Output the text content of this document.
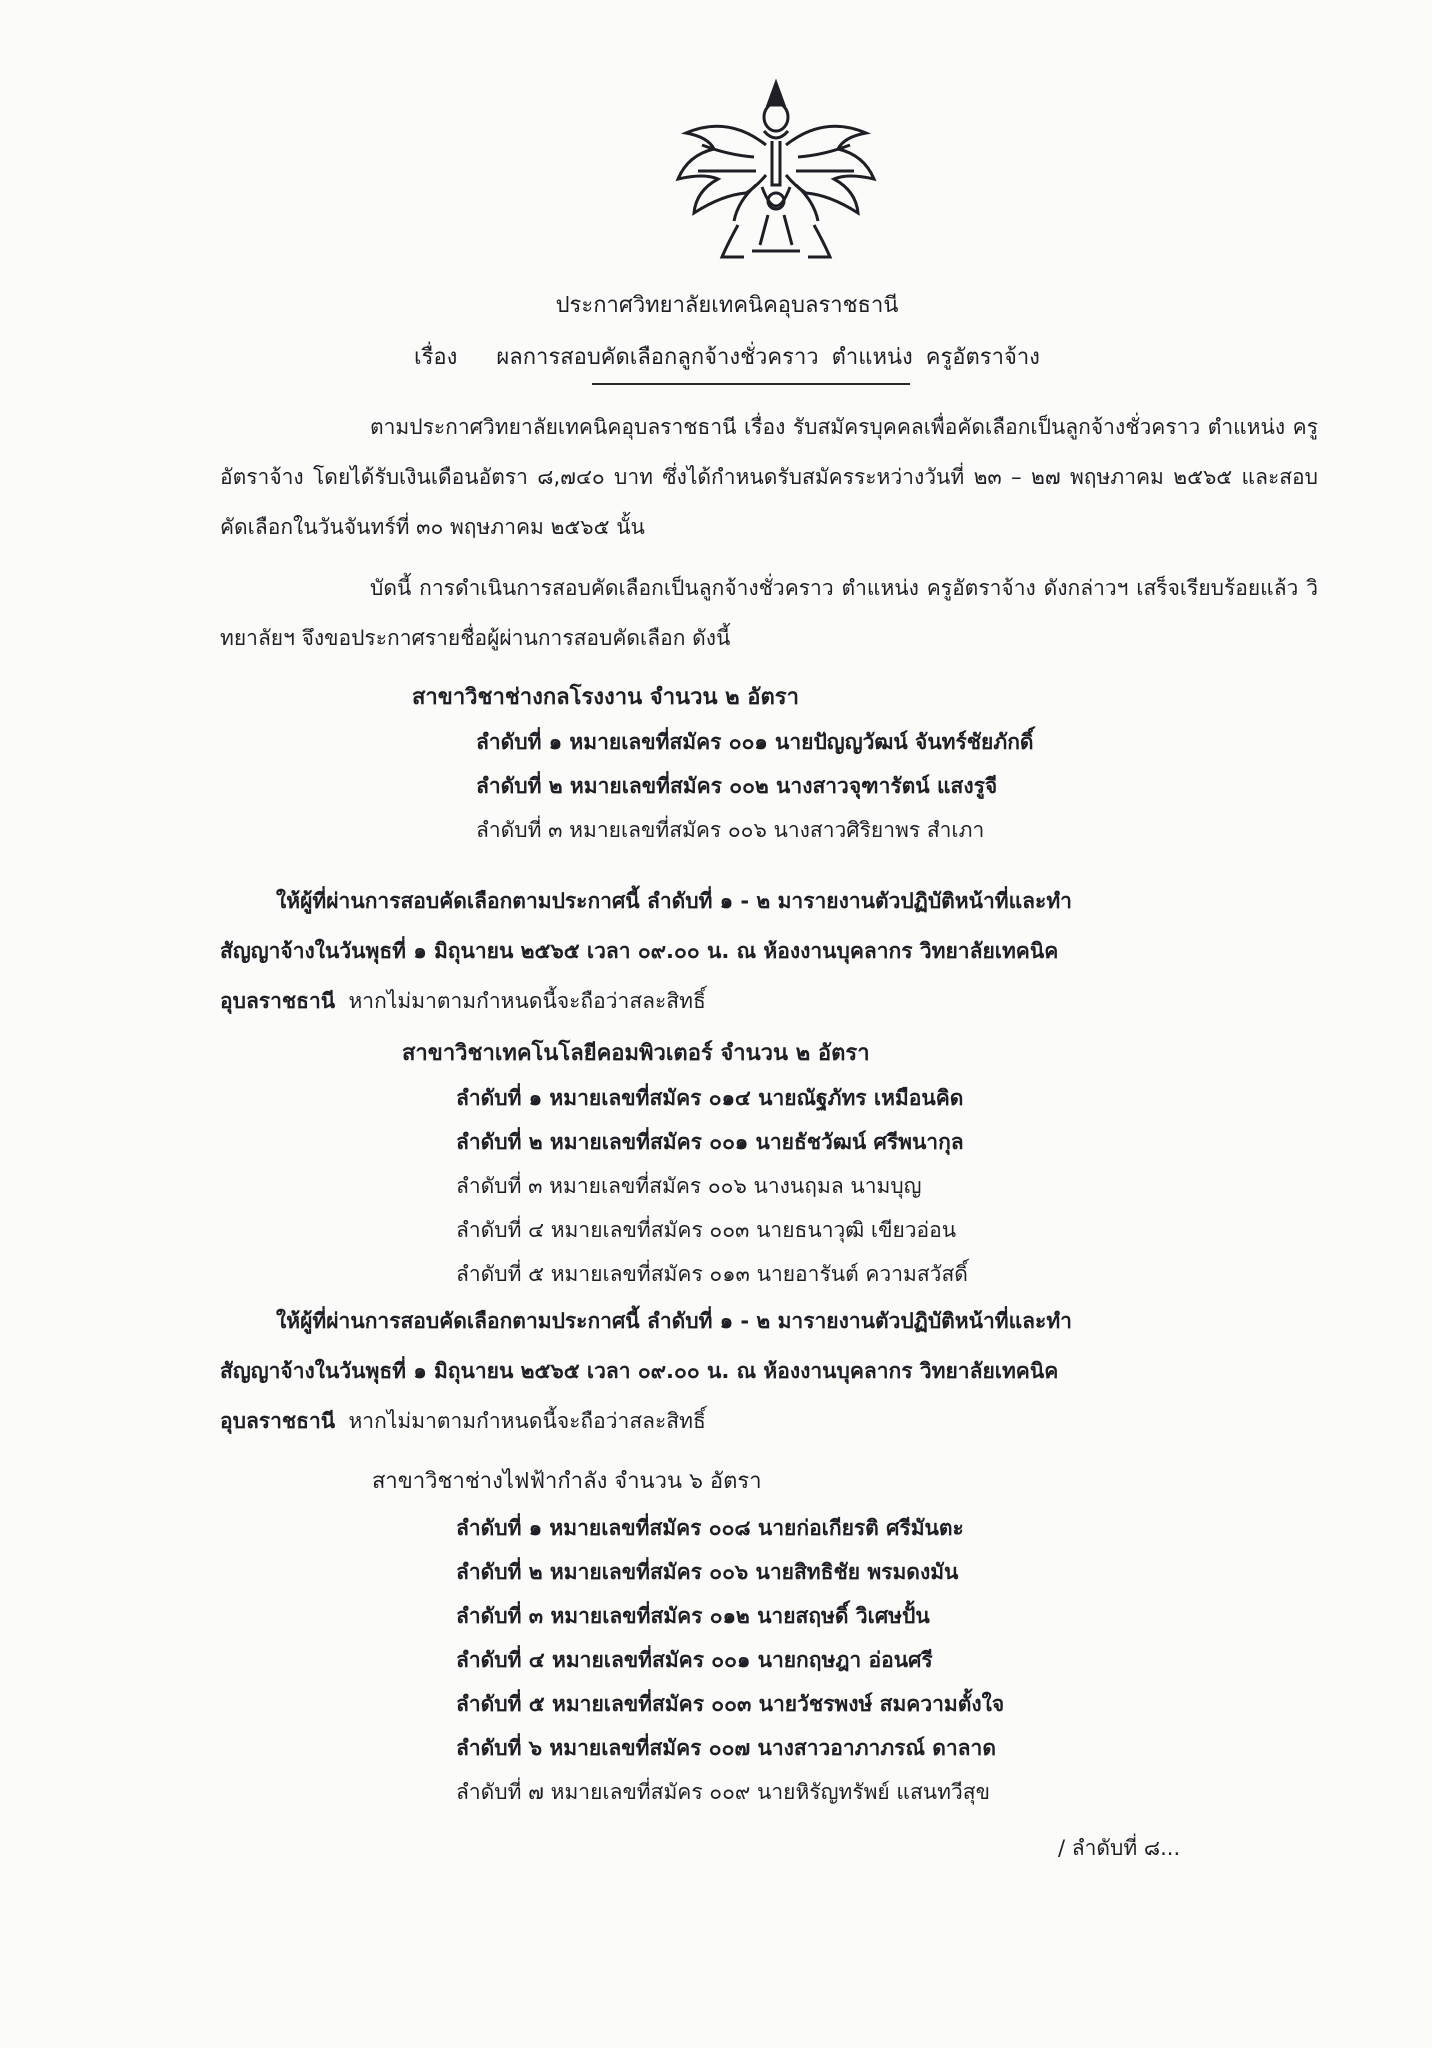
ประกาศวิทยาลัยเทคนิคอุบลราชธานี
เรื่อง ผลการสอบคัดเลือกลูกจ้างชั่วคราว ตำแหน่ง ครูอัตราจ้าง
ตามประกาศวิทยาลัยเทคนิคอุบลราชธานี เรื่อง รับสมัครบุคคลเพื่อคัดเลือกเป็นลูกจ้างชั่วคราว ตำแหน่ง ครูอัตราจ้าง โดยได้รับเงินเดือนอัตรา ๘,๗๔๐ บาท ซึ่งได้กำหนดรับสมัครระหว่างวันที่ ๒๓ – ๒๗ พฤษภาคม ๒๕๖๕ และสอบคัดเลือกในวันจันทร์ที่ ๓๐ พฤษภาคม ๒๕๖๕ นั้น
บัดนี้ การดำเนินการสอบคัดเลือกเป็นลูกจ้างชั่วคราว ตำแหน่ง ครูอัตราจ้าง ดังกล่าวฯ เสร็จเรียบร้อยแล้ว วิทยาลัยฯ จึงขอประกาศรายชื่อผู้ผ่านการสอบคัดเลือก ดังนี้
สาขาวิชาช่างกลโรงงาน จำนวน ๒ อัตรา
ลำดับที่ ๑ หมายเลขที่สมัคร ๐๐๑ นายปัญญวัฒน์ จันทร์ชัยภักดิ์
ลำดับที่ ๒ หมายเลขที่สมัคร ๐๐๒ นางสาวจุฑารัตน์ แสงรูจี
ลำดับที่ ๓ หมายเลขที่สมัคร ๐๐๖ นางสาวศิริยาพร สำเภา
ให้ผู้ที่ผ่านการสอบคัดเลือกตามประกาศนี้ ลำดับที่ ๑ - ๒ มารายงานตัวปฏิบัติหน้าที่และทำ
สัญญาจ้างในวันพุธที่ ๑ มิถุนายน ๒๕๖๕ เวลา ๐๙.๐๐ น. ณ ห้องงานบุคลากร วิทยาลัยเทคนิค
อุบลราชธานี หากไม่มาตามกำหนดนี้จะถือว่าสละสิทธิ์
สาขาวิชาเทคโนโลยีคอมพิวเตอร์ จำนวน ๒ อัตรา
ลำดับที่ ๑ หมายเลขที่สมัคร ๐๑๔ นายณัฐภัทร เหมือนคิด
ลำดับที่ ๒ หมายเลขที่สมัคร ๐๐๑ นายธัชวัฒน์ ศรีพนากุล
ลำดับที่ ๓ หมายเลขที่สมัคร ๐๐๖ นางนฤมล นามบุญ
ลำดับที่ ๔ หมายเลขที่สมัคร ๐๐๓ นายธนาวุฒิ เขียวอ่อน
ลำดับที่ ๕ หมายเลขที่สมัคร ๐๑๓ นายอารันต์ ความสวัสดิ์
ให้ผู้ที่ผ่านการสอบคัดเลือกตามประกาศนี้ ลำดับที่ ๑ - ๒ มารายงานตัวปฏิบัติหน้าที่และทำ
สัญญาจ้างในวันพุธที่ ๑ มิถุนายน ๒๕๖๕ เวลา ๐๙.๐๐ น. ณ ห้องงานบุคลากร วิทยาลัยเทคนิค
อุบลราชธานี หากไม่มาตามกำหนดนี้จะถือว่าสละสิทธิ์
สาขาวิชาช่างไฟฟ้ากำลัง จำนวน ๖ อัตรา
ลำดับที่ ๑ หมายเลขที่สมัคร ๐๐๘ นายก่อเกียรติ ศรีมันตะ
ลำดับที่ ๒ หมายเลขที่สมัคร ๐๐๖ นายสิทธิชัย พรมดงมัน
ลำดับที่ ๓ หมายเลขที่สมัคร ๐๑๒ นายสฤษดิ์ วิเศษปั้น
ลำดับที่ ๔ หมายเลขที่สมัคร ๐๐๑ นายกฤษฎา อ่อนศรี
ลำดับที่ ๕ หมายเลขที่สมัคร ๐๐๓ นายวัชรพงษ์ สมความตั้งใจ
ลำดับที่ ๖ หมายเลขที่สมัคร ๐๐๗ นางสาวอาภาภรณ์ ดาลาด
ลำดับที่ ๗ หมายเลขที่สมัคร ๐๐๙ นายหิรัญทรัพย์ แสนทวีสุข
/ ลำดับที่ ๘...
